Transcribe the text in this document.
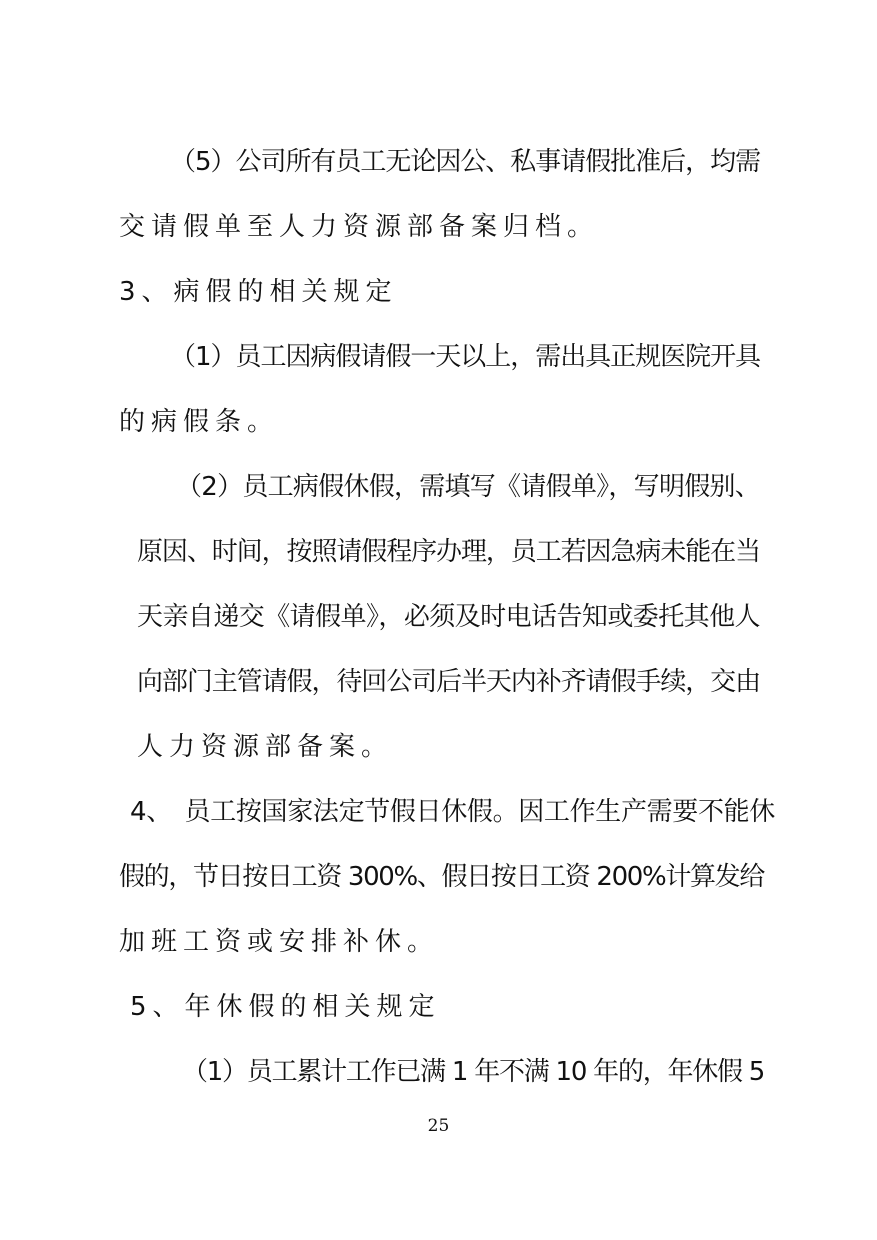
（5）公司所有员工无论因公、私事请假批准后，均需

交请假单至人力资源部备案归档。

3、病假的相关规定

（1）员工因病假请假一天以上，需出具正规医院开具

的病假条。

（2）员工病假休假，需填写《请假单》，写明假别、

原因、时间，按照请假程序办理，员工若因急病未能在当

天亲自递交《请假单》，必须及时电话告知或委托其他人

向部门主管请假，待回公司后半天内补齐请假手续，交由

人力资源部备案。

4、　员工按国家法定节假日休假。因工作生产需要不能休

假的，节日按日工资 300%、假日按日工资 200%计算发给

加班工资或安排补休。

5、年休假的相关规定

（1）员工累计工作已满 1 年不满 10 年的，年休假 5

25
